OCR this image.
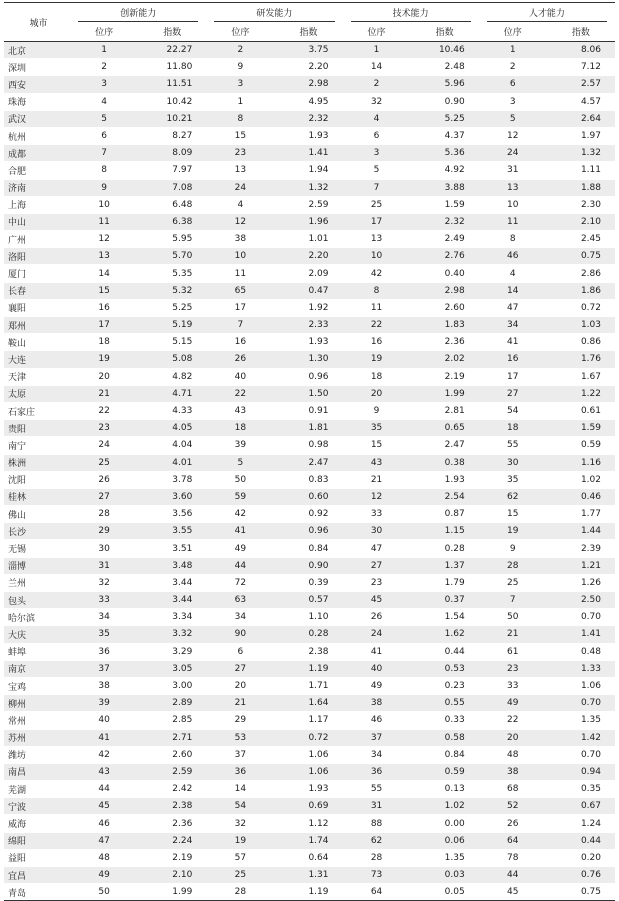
城市	创新能力		研发能力		技术能力		人才能力	
	位序	指数	位序	指数	位序	指数	位序	指数
北京	1	22.27	2	3.75	1	10.46	1	8.06
深圳	2	11.80	9	2.20	14	2.48	2	7.12
西安	3	11.51	3	2.98	2	5.96	6	2.57
珠海	4	10.42	1	4.95	32	0.90	3	4.57
武汉	5	10.21	8	2.32	4	5.25	5	2.64
杭州	6	8.27	15	1.93	6	4.37	12	1.97
成都	7	8.09	23	1.41	3	5.36	24	1.32
合肥	8	7.97	13	1.94	5	4.92	31	1.11
济南	9	7.08	24	1.32	7	3.88	13	1.88
上海	10	6.48	4	2.59	25	1.59	10	2.30
中山	11	6.38	12	1.96	17	2.32	11	2.10
广州	12	5.95	38	1.01	13	2.49	8	2.45
洛阳	13	5.70	10	2.20	10	2.76	46	0.75
厦门	14	5.35	11	2.09	42	0.40	4	2.86
长春	15	5.32	65	0.47	8	2.98	14	1.86
襄阳	16	5.25	17	1.92	11	2.60	47	0.72
郑州	17	5.19	7	2.33	22	1.83	34	1.03
鞍山	18	5.15	16	1.93	16	2.36	41	0.86
大连	19	5.08	26	1.30	19	2.02	16	1.76
天津	20	4.82	40	0.96	18	2.19	17	1.67
太原	21	4.71	22	1.50	20	1.99	27	1.22
石家庄	22	4.33	43	0.91	9	2.81	54	0.61
贵阳	23	4.05	18	1.81	35	0.65	18	1.59
南宁	24	4.04	39	0.98	15	2.47	55	0.59
株洲	25	4.01	5	2.47	43	0.38	30	1.16
沈阳	26	3.78	50	0.83	21	1.93	35	1.02
桂林	27	3.60	59	0.60	12	2.54	62	0.46
佛山	28	3.56	42	0.92	33	0.87	15	1.77
长沙	29	3.55	41	0.96	30	1.15	19	1.44
无锡	30	3.51	49	0.84	47	0.28	9	2.39
淄博	31	3.48	44	0.90	27	1.37	28	1.21
兰州	32	3.44	72	0.39	23	1.79	25	1.26
包头	33	3.44	63	0.57	45	0.37	7	2.50
哈尔滨	34	3.34	34	1.10	26	1.54	50	0.70
大庆	35	3.32	90	0.28	24	1.62	21	1.41
蚌埠	36	3.29	6	2.38	41	0.44	61	0.48
南京	37	3.05	27	1.19	40	0.53	23	1.33
宝鸡	38	3.00	20	1.71	49	0.23	33	1.06
柳州	39	2.89	21	1.64	38	0.55	49	0.70
常州	40	2.85	29	1.17	46	0.33	22	1.35
苏州	41	2.71	53	0.72	37	0.58	20	1.42
潍坊	42	2.60	37	1.06	34	0.84	48	0.70
南昌	43	2.59	36	1.06	36	0.59	38	0.94
芜湖	44	2.42	14	1.93	55	0.13	68	0.35
宁波	45	2.38	54	0.69	31	1.02	52	0.67
威海	46	2.36	32	1.12	88	0.00	26	1.24
绵阳	47	2.24	19	1.74	62	0.06	64	0.44
益阳	48	2.19	57	0.64	28	1.35	78	0.20
宜昌	49	2.10	25	1.31	73	0.03	44	0.76
青岛	50	1.99	28	1.19	64	0.05	45	0.75
